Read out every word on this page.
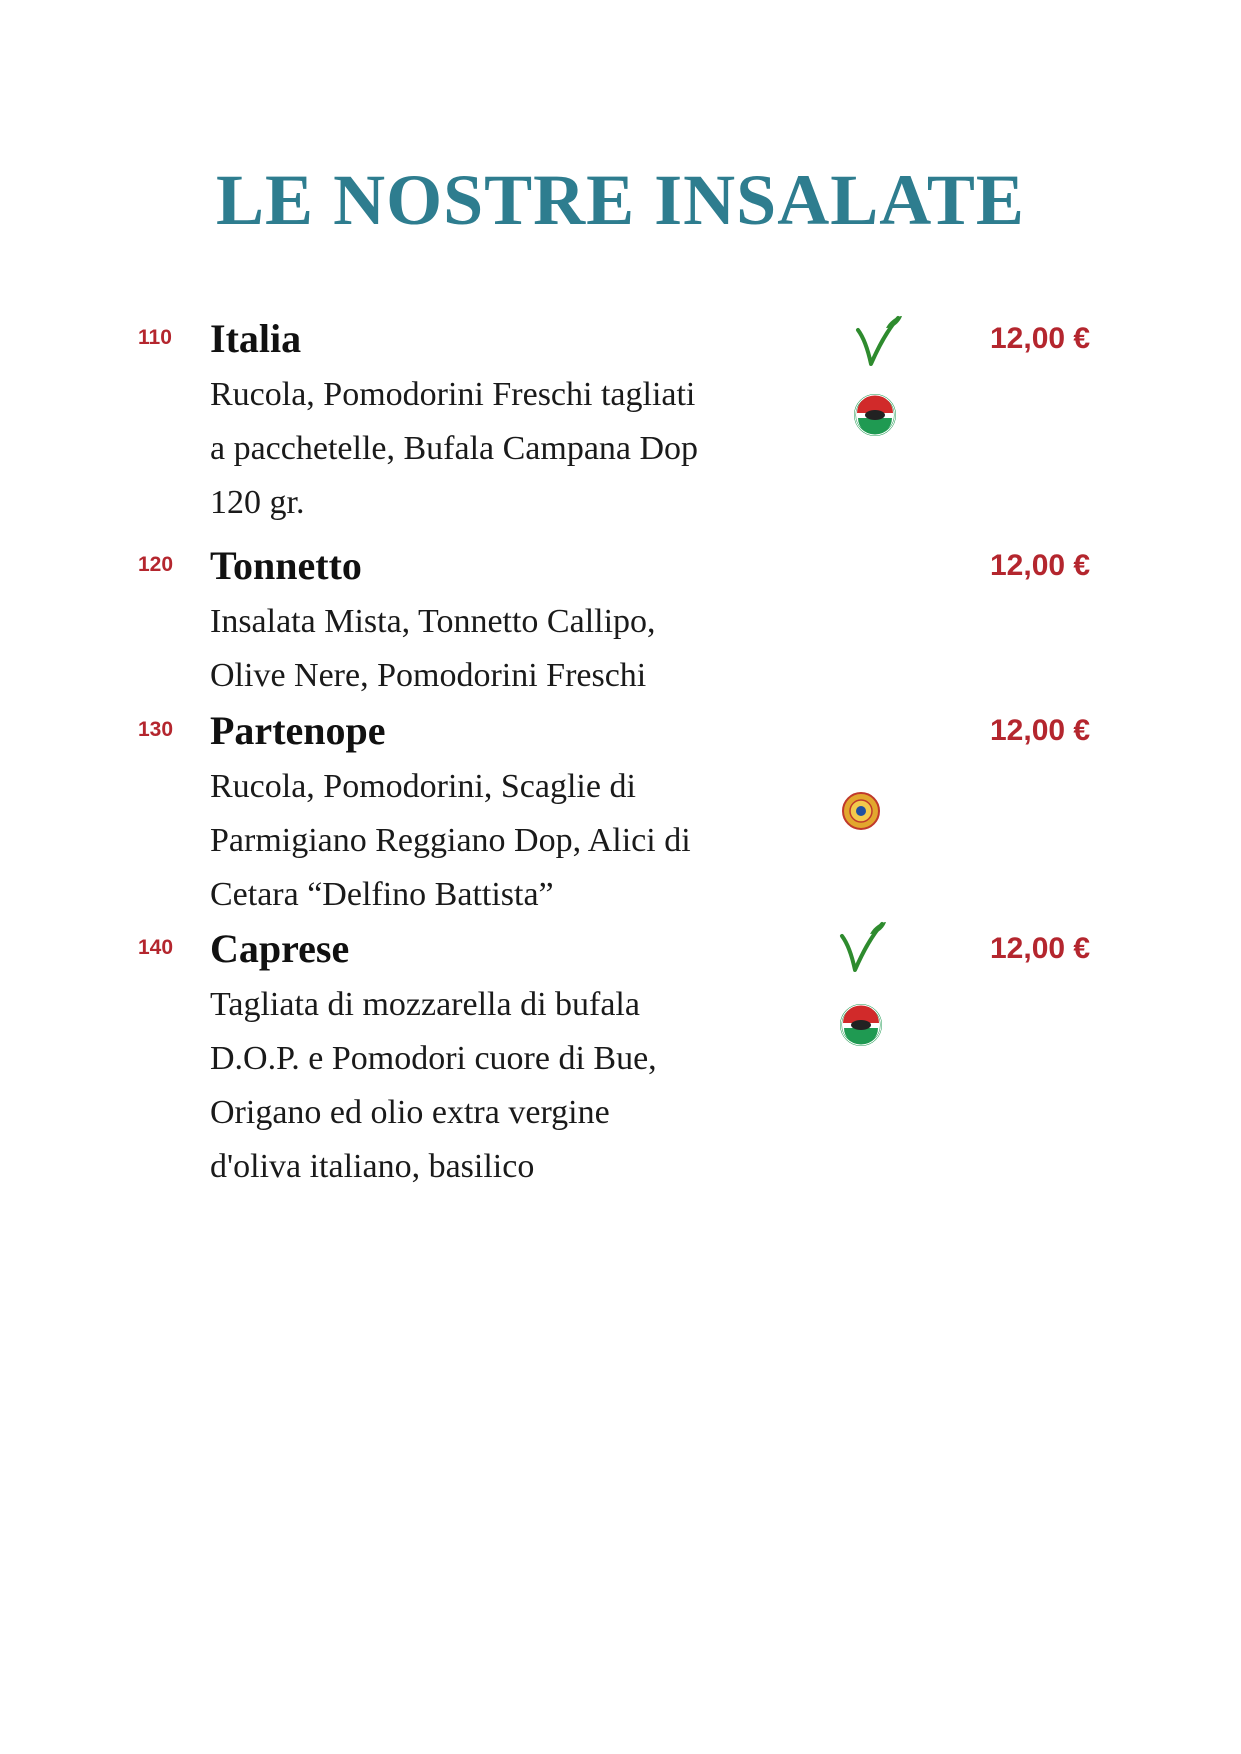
LE NOSTRE INSALATE
110 Italia

Rucola, Pomodorini Freschi tagliati
a pacchetelle, Bufala Campana Dop
120 gr.

12,00 €
120 Tonnetto

Insalata Mista, Tonnetto Callipo,
Olive Nere, Pomodorini Freschi

12,00 €
130 Partenope

Rucola, Pomodorini, Scaglie di
Parmigiano Reggiano Dop, Alici di
Cetara “Delfino Battista”

12,00 €
140 Caprese

Tagliata di mozzarella di bufala
D.O.P. e Pomodori cuore di Bue,
Origano ed olio extra vergine
d'oliva italiano, basilico

12,00 €
